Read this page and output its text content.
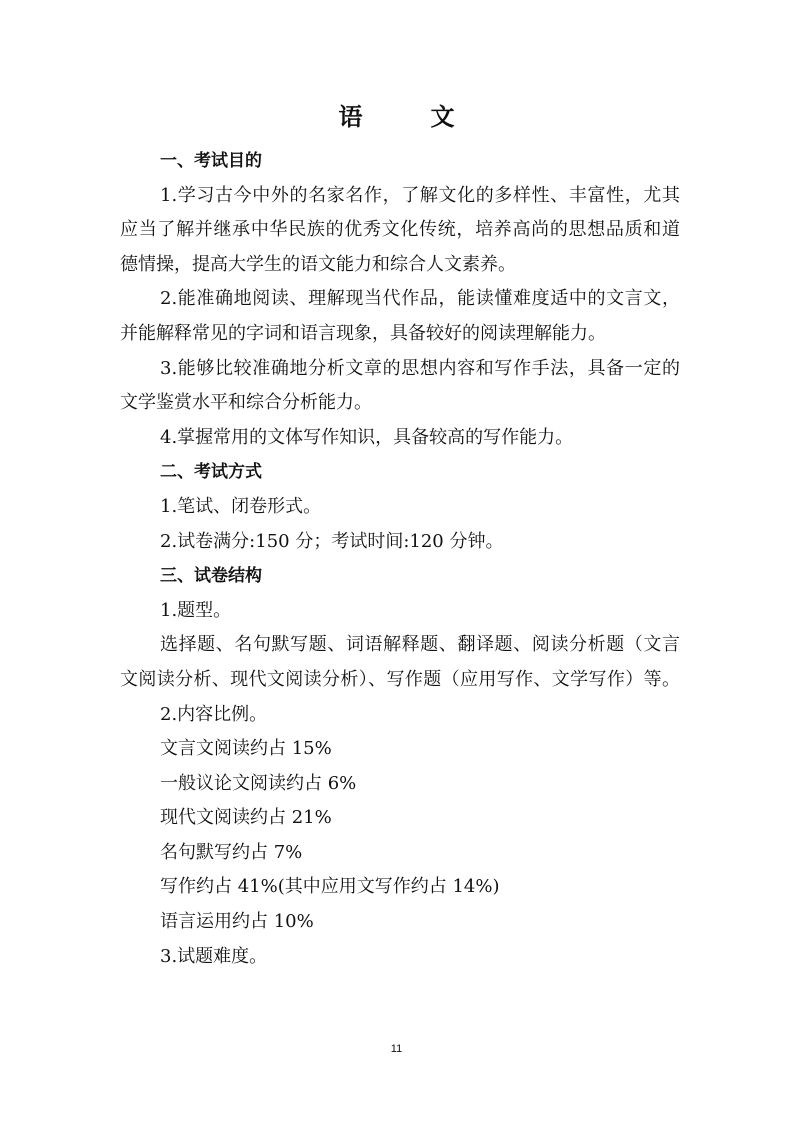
语　文
一、考试目的
1.学习古今中外的名家名作，了解文化的多样性、丰富性，尤其
应当了解并继承中华民族的优秀文化传统，培养高尚的思想品质和道
德情操，提高大学生的语文能力和综合人文素养。
2.能准确地阅读、理解现当代作品，能读懂难度适中的文言文，
并能解释常见的字词和语言现象，具备较好的阅读理解能力。
3.能够比较准确地分析文章的思想内容和写作手法，具备一定的
文学鉴赏水平和综合分析能力。
4.掌握常用的文体写作知识，具备较高的写作能力。
二、考试方式
1.笔试、闭卷形式。
2.试卷满分:150 分；考试时间:120 分钟。
三、试卷结构
1.题型。
选择题、名句默写题、词语解释题、翻译题、阅读分析题（文言
文阅读分析、现代文阅读分析）、写作题（应用写作、文学写作）等。
2.内容比例。
文言文阅读约占 15%
一般议论文阅读约占 6%
现代文阅读约占 21%
名句默写约占 7%
写作约占 41%(其中应用文写作约占 14%)
语言运用约占 10%
3.试题难度。
11
